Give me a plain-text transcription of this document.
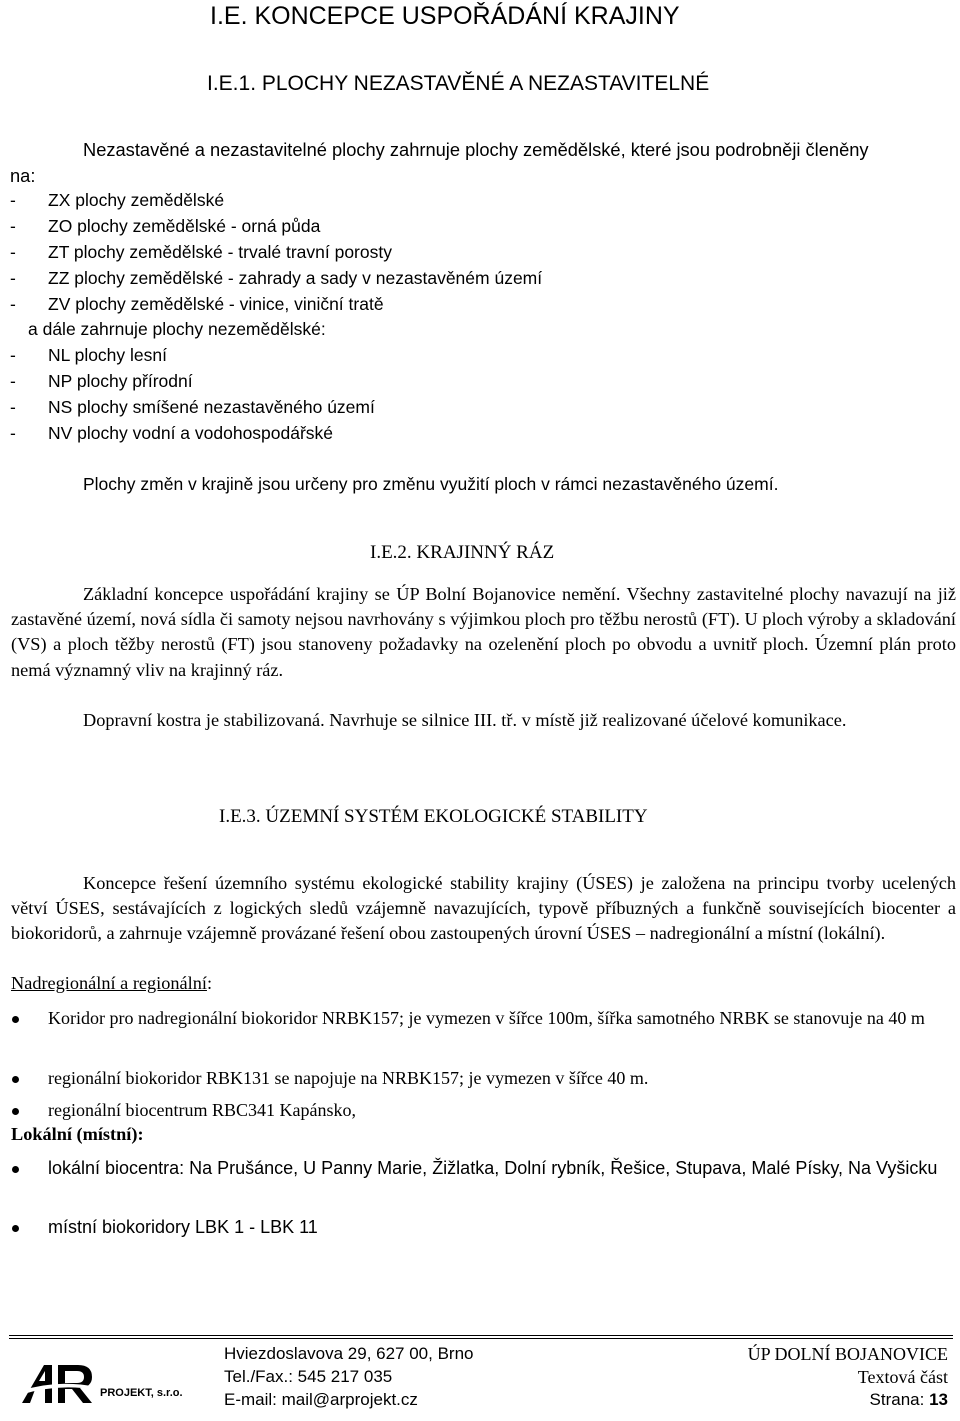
I.E. KONCEPCE USPOŘÁDÁNÍ KRAJINY
I.E.1. PLOCHY NEZASTAVĚNÉ A NEZASTAVITELNÉ
Nezastavěné a nezastavitelné plochy zahrnuje plochy zemědělské, které jsou podrobněji členěny
na:
- ZX plochy zemědělské
- ZO plochy zemědělské - orná půda
- ZT plochy zemědělské - trvalé travní porosty
- ZZ plochy zemědělské - zahrady a sady v nezastavěném území
- ZV plochy zemědělské - vinice, viniční tratě
a dále zahrnuje plochy nezemědělské:
- NL plochy lesní
- NP plochy přírodní
- NS plochy smíšené nezastavěného území
- NV plochy vodní a vodohospodářské
Plochy změn v krajině jsou určeny pro změnu využití ploch v rámci nezastavěného území.
I.E.2. KRAJINNÝ RÁZ
Základní koncepce uspořádání krajiny se ÚP Bolní Bojanovice nemění. Všechny zastavitelné plochy navazují na již zastavěné území, nová sídla či samoty nejsou navrhovány s výjimkou ploch pro těžbu nerostů (FT). U ploch výroby a skladování (VS) a ploch těžby nerostů (FT) jsou stanoveny požadavky na ozelenění ploch po obvodu a uvnitř ploch. Územní plán proto nemá významný vliv na krajinný ráz.
Dopravní kostra je stabilizovaná. Navrhuje se silnice III. tř. v místě již realizované účelové komunikace.
I.E.3. ÚZEMNÍ SYSTÉM EKOLOGICKÉ STABILITY
Koncepce řešení územního systému ekologické stability krajiny (ÚSES) je založena na principu tvorby ucelených větví ÚSES, sestávajících z logických sledů vzájemně navazujících, typově příbuzných a funkčně souvisejících biocenter a biokoridorů, a zahrnuje vzájemně provázané řešení obou zastoupených úrovní ÚSES – nadregionální a místní (lokální).
Nadregionální a regionální:
Koridor pro nadregionální biokoridor NRBK157; je vymezen v šířce 100m, šířka samotného NRBK se stanovuje na 40 m
regionální biokoridor RBK131 se napojuje na NRBK157; je vymezen v šířce 40 m.
regionální biocentrum RBC341 Kapánsko,
Lokální (místní):
lokální biocentra: Na Prušánce, U Panny Marie, Žižlatka, Dolní rybník, Řešice, Stupava, Malé Písky, Na Vyšicku
místní biokoridory LBK 1 - LBK 11
PROJEKT, s.r.o.
Hviezdoslavova 29, 627 00, Brno
Tel./Fax.: 545 217 035
E-mail: mail@arprojekt.cz
ÚP DOLNÍ BOJANOVICE
Textová část
Strana: 13
